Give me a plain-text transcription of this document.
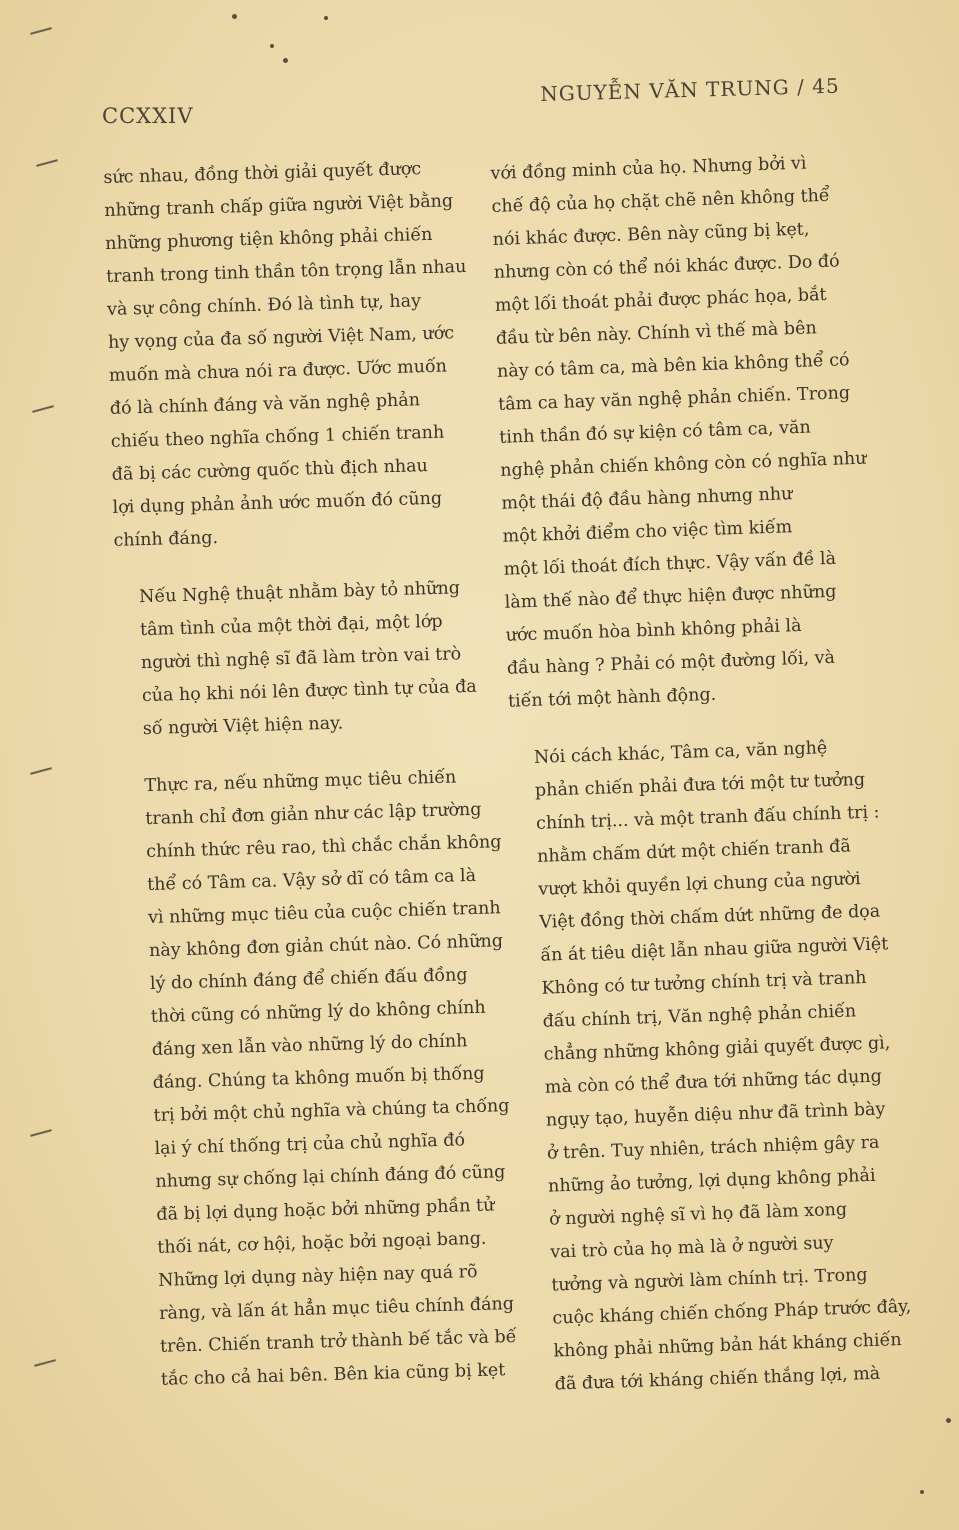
CCXXIV
NGUYỄN VĂN TRUNG / 45
sức nhau, đồng thời giải quyết được
những tranh chấp giữa người Việt bằng
những phương tiện không phải chiến
tranh trong tinh thần tôn trọng lẫn nhau
và sự công chính. Đó là tình tự, hay
hy vọng của đa số người Việt Nam, ước
muốn mà chưa nói ra được. Ước muốn
đó là chính đáng và văn nghệ phản
chiếu theo nghĩa chống 1 chiến tranh
đã bị các cường quốc thù địch nhau
lợi dụng phản ảnh ước muốn đó cũng
chính đáng.
Nếu Nghệ thuật nhằm bày tỏ những
tâm tình của một thời đại, một lớp
người thì nghệ sĩ đã làm tròn vai trò
của họ khi nói lên được tình tự của đa
số người Việt hiện nay.
Thực ra, nếu những mục tiêu chiến
tranh chỉ đơn giản như các lập trường
chính thức rêu rao, thì chắc chắn không
thể có Tâm ca. Vậy sở dĩ có tâm ca là
vì những mục tiêu của cuộc chiến tranh
này không đơn giản chút nào. Có những
lý do chính đáng để chiến đấu đồng
thời cũng có những lý do không chính
đáng xen lẫn vào những lý do chính
đáng. Chúng ta không muốn bị thống
trị bởi một chủ nghĩa và chúng ta chống
lại ý chí thống trị của chủ nghĩa đó
nhưng sự chống lại chính đáng đó cũng
đã bị lợi dụng hoặc bởi những phần tử
thối nát, cơ hội, hoặc bởi ngoại bang.
Những lợi dụng này hiện nay quá rõ
ràng, và lấn át hẳn mục tiêu chính đáng
trên. Chiến tranh trở thành bế tắc và bế
tắc cho cả hai bên. Bên kia cũng bị kẹt
với đồng minh của họ. Nhưng bởi vì
chế độ của họ chặt chẽ nên không thể
nói khác được. Bên này cũng bị kẹt,
nhưng còn có thể nói khác được. Do đó
một lối thoát phải được phác họa, bắt
đầu từ bên này. Chính vì thế mà bên
này có tâm ca, mà bên kia không thể có
tâm ca hay văn nghệ phản chiến. Trong
tinh thần đó sự kiện có tâm ca, văn
nghệ phản chiến không còn có nghĩa như
một thái độ đầu hàng nhưng như
một khởi điểm cho việc tìm kiếm
một lối thoát đích thực. Vậy vấn đề là
làm thế nào để thực hiện được những
ước muốn hòa bình không phải là
đầu hàng ? Phải có một đường lối, và
tiến tới một hành động.
Nói cách khác, Tâm ca, văn nghệ
phản chiến phải đưa tới một tư tưởng
chính trị... và một tranh đấu chính trị :
nhằm chấm dứt một chiến tranh đã
vượt khỏi quyền lợi chung của người
Việt đồng thời chấm dứt những đe dọa
ấn át tiêu diệt lẫn nhau giữa người Việt
Không có tư tưởng chính trị và tranh
đấu chính trị, Văn nghệ phản chiến
chẳng những không giải quyết được gì,
mà còn có thể đưa tới những tác dụng
ngụy tạo, huyễn diệu như đã trình bày
ở trên. Tuy nhiên, trách nhiệm gây ra
những ảo tưởng, lợi dụng không phải
ở người nghệ sĩ vì họ đã làm xong
vai trò của họ mà là ở người suy
tưởng và người làm chính trị. Trong
cuộc kháng chiến chống Pháp trước đây,
không phải những bản hát kháng chiến
đã đưa tới kháng chiến thắng lợi, mà
